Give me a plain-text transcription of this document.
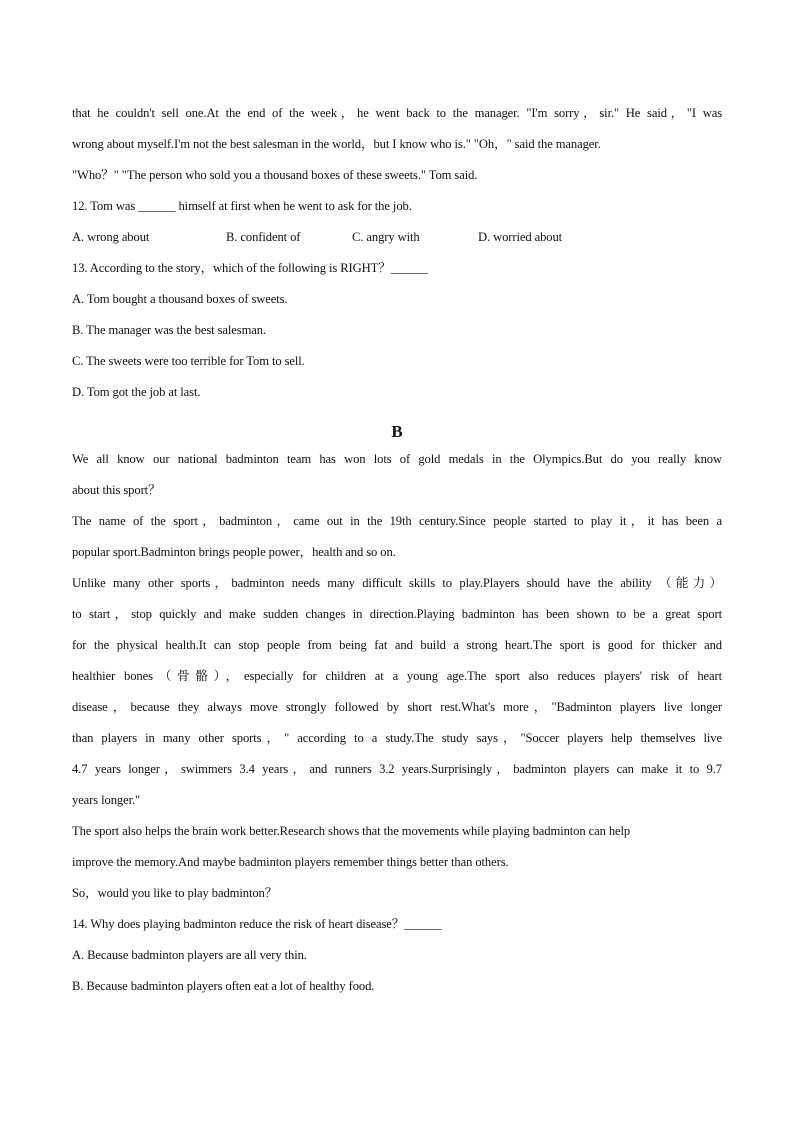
that he couldn't sell one.At the end of the week，he went back to the manager. "I'm sorry，sir." He said，"I was
wrong about myself.I'm not the best salesman in the world，but I know who is." "Oh，" said the manager.
"Who？" "The person who sold you a thousand boxes of these sweets." Tom said.
12. Tom was ______ himself at first when he went to ask for the job.
A. wrong about	B. confident of	C. angry with	D. worried about
13. According to the story，which of the following is RIGHT？______
A. Tom bought a thousand boxes of sweets.
B. The manager was the best salesman.
C. The sweets were too terrible for Tom to sell.
D. Tom got the job at last.
B
We all know our national badminton team has won lots of gold medals in the Olympics.But do you really know
about this sport？
The name of the sport，badminton，came out in the 19th century.Since people started to play it，it has been a
popular sport.Badminton brings people power，health and so on.
Unlike many other sports，badminton needs many difficult skills to play.Players should have the ability （能力）
to start，stop quickly and make sudden changes in direction.Playing badminton has been shown to be a great sport
for the physical health.It can stop people from being fat and build a strong heart.The sport is good for thicker and
healthier bones（骨骼），especially for children at a young age.The sport also reduces players' risk of heart
disease，because they always move strongly followed by short rest.What's more，"Badminton players live longer
than players in many other sports，" according to a study.The study says，"Soccer players help themselves live
4.7 years longer，swimmers 3.4 years，and runners 3.2 years.Surprisingly，badminton players can make it to 9.7
years longer."
The sport also helps the brain work better.Research shows that the movements while playing badminton can help
improve the memory.And maybe badminton players remember things better than others.
So，would you like to play badminton？
14. Why does playing badminton reduce the risk of heart disease？______
A. Because badminton players are all very thin.
B. Because badminton players often eat a lot of healthy food.
